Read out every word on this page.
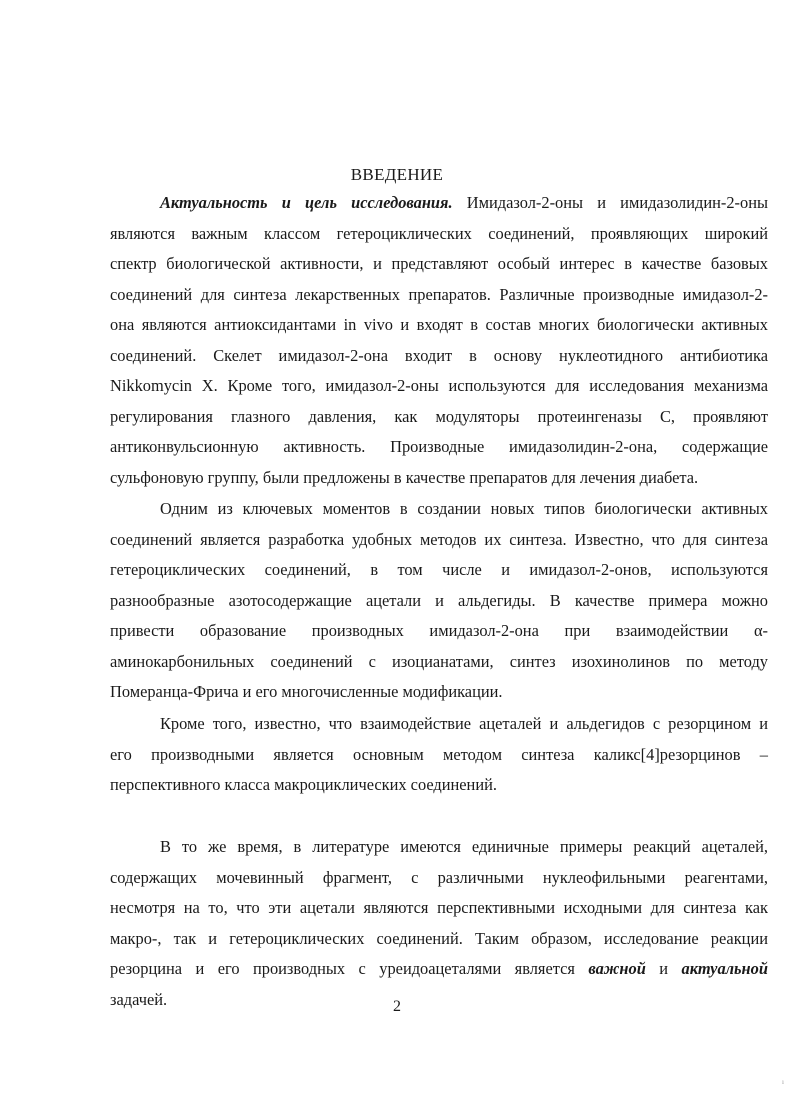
ВВЕДЕНИЕ
Актуальность и цель исследования. Имидазол-2-оны и имидазолидин-2-оны
являются важным классом гетероциклических соединений, проявляющих широкий
спектр биологической активности, и представляют особый интерес в качестве базовых
соединений для синтеза лекарственных препаратов. Различные производные имидазол-2-
она являются антиоксидантами in vivo и входят в состав многих биологически активных
соединений. Скелет имидазол-2-она входит в основу нуклеотидного антибиотика
Nikkomycin X. Кроме того, имидазол-2-оны используются для исследования механизма
регулирования глазного давления, как модуляторы протеингеназы С, проявляют
антиконвульсионную активность. Производные имидазолидин-2-она, содержащие
сульфоновую группу, были предложены в качестве препаратов для лечения диабета.
Одним из ключевых моментов в создании новых типов биологически активных
соединений является разработка удобных методов их синтеза. Известно, что для синтеза
гетероциклических соединений, в том числе и имидазол-2-онов, используются
разнообразные азотосодержащие ацетали и альдегиды. В качестве примера можно
привести образование производных имидазол-2-она при взаимодействии α-
аминокарбонильных соединений с изоцианатами, синтез изохинолинов по методу
Померанца-Фрича и его многочисленные модификации.
Кроме того, известно, что взаимодействие ацеталей и альдегидов с резорцином и
его производными является основным методом синтеза каликс[4]резорцинов –
перспективного класса макроциклических соединений.
В то же время, в литературе имеются единичные примеры реакций ацеталей,
содержащих мочевинный фрагмент, с различными нуклеофильными реагентами,
несмотря на то, что эти ацетали являются перспективными исходными для синтеза как
макро-, так и гетероциклических соединений. Таким образом, исследование реакции
резорцина и его производных с уреидоацеталями является важной и актуальной
задачей.	2
ı
